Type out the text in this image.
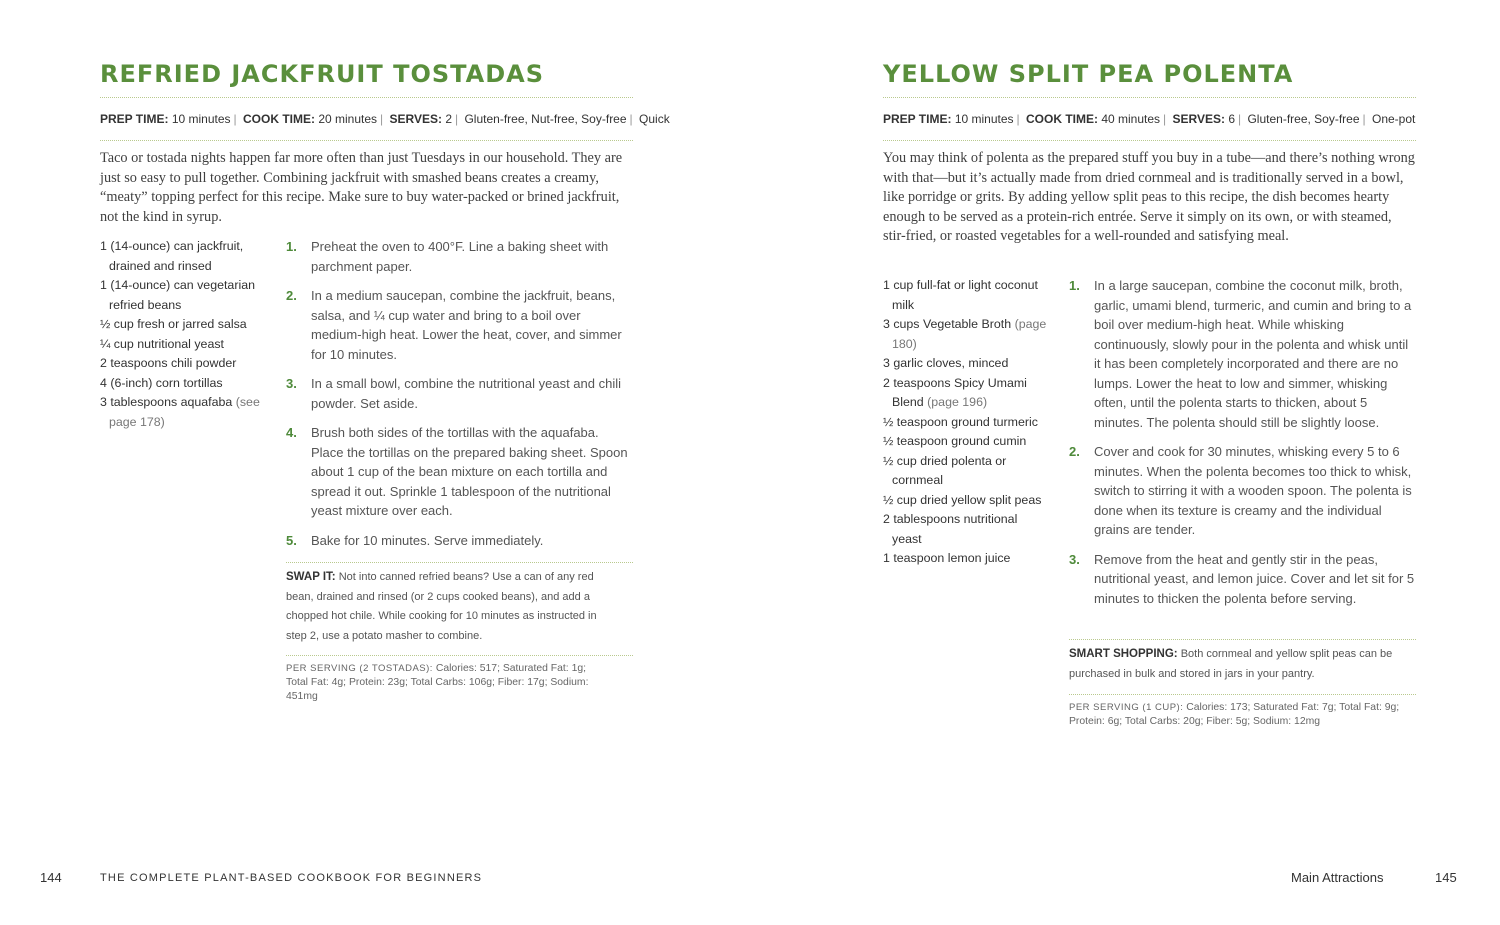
REFRIED JACKFRUIT TOSTADAS
PREP TIME: 10 minutes | COOK TIME: 20 minutes | SERVES: 2 | Gluten-free, Nut-free, Soy-free | Quick

Taco or tostada nights happen far more often than just Tuesdays in our household. They are just so easy to pull together. Combining jackfruit with smashed beans creates a creamy, “meaty” topping perfect for this recipe. Make sure to buy water-packed or brined jackfruit, not the kind in syrup.

1 (14-ounce) can jackfruit, drained and rinsed
1 (14-ounce) can vegetarian refried beans
½ cup fresh or jarred salsa
¼ cup nutritional yeast
2 teaspoons chili powder
4 (6-inch) corn tortillas
3 tablespoons aquafaba (see page 178)
1. Preheat the oven to 400°F. Line a baking sheet with parchment paper.
2. In a medium saucepan, combine the jackfruit, beans, salsa, and ¼ cup water and bring to a boil over medium-high heat. Lower the heat, cover, and simmer for 10 minutes.
3. In a small bowl, combine the nutritional yeast and chili powder. Set aside.
4. Brush both sides of the tortillas with the aquafaba. Place the tortillas on the prepared baking sheet. Spoon about 1 cup of the bean mixture on each tortilla and spread it out. Sprinkle 1 tablespoon of the nutritional yeast mixture over each.
5. Bake for 10 minutes. Serve immediately.

SWAP IT: Not into canned refried beans? Use a can of any red bean, drained and rinsed (or 2 cups cooked beans), and add a chopped hot chile. While cooking for 10 minutes as instructed in step 2, use a potato masher to combine.

PER SERVING (2 TOSTADAS): Calories: 517; Saturated Fat: 1g; Total Fat: 4g; Protein: 23g; Total Carbs: 106g; Fiber: 17g; Sodium: 451mg

YELLOW SPLIT PEA POLENTA
PREP TIME: 10 minutes | COOK TIME: 40 minutes | SERVES: 6 | Gluten-free, Soy-free | One-pot

You may think of polenta as the prepared stuff you buy in a tube—and there’s nothing wrong with that—but it’s actually made from dried cornmeal and is traditionally served in a bowl, like porridge or grits. By adding yellow split peas to this recipe, the dish becomes hearty enough to be served as a protein-rich entrée. Serve it simply on its own, or with steamed, stir-fried, or roasted vegetables for a well-rounded and satisfying meal.

1 cup full-fat or light coconut milk
3 cups Vegetable Broth (page 180)
3 garlic cloves, minced
2 teaspoons Spicy Umami Blend (page 196)
½ teaspoon ground turmeric
½ teaspoon ground cumin
½ cup dried polenta or cornmeal
½ cup dried yellow split peas
2 tablespoons nutritional yeast
1 teaspoon lemon juice
1. In a large saucepan, combine the coconut milk, broth, garlic, umami blend, turmeric, and cumin and bring to a boil over medium-high heat. While whisking continuously, slowly pour in the polenta and whisk until it has been completely incorporated and there are no lumps. Lower the heat to low and simmer, whisking often, until the polenta starts to thicken, about 5 minutes. The polenta should still be slightly loose.
2. Cover and cook for 30 minutes, whisking every 5 to 6 minutes. When the polenta becomes too thick to whisk, switch to stirring it with a wooden spoon. The polenta is done when its texture is creamy and the individual grains are tender.
3. Remove from the heat and gently stir in the peas, nutritional yeast, and lemon juice. Cover and let sit for 5 minutes to thicken the polenta before serving.

SMART SHOPPING: Both cornmeal and yellow split peas can be purchased in bulk and stored in jars in your pantry.

PER SERVING (1 CUP): Calories: 173; Saturated Fat: 7g; Total Fat: 9g; Protein: 6g; Total Carbs: 20g; Fiber: 5g; Sodium: 12mg

144	THE COMPLETE PLANT-BASED COOKBOOK FOR BEGINNERS	Main Attractions	145
